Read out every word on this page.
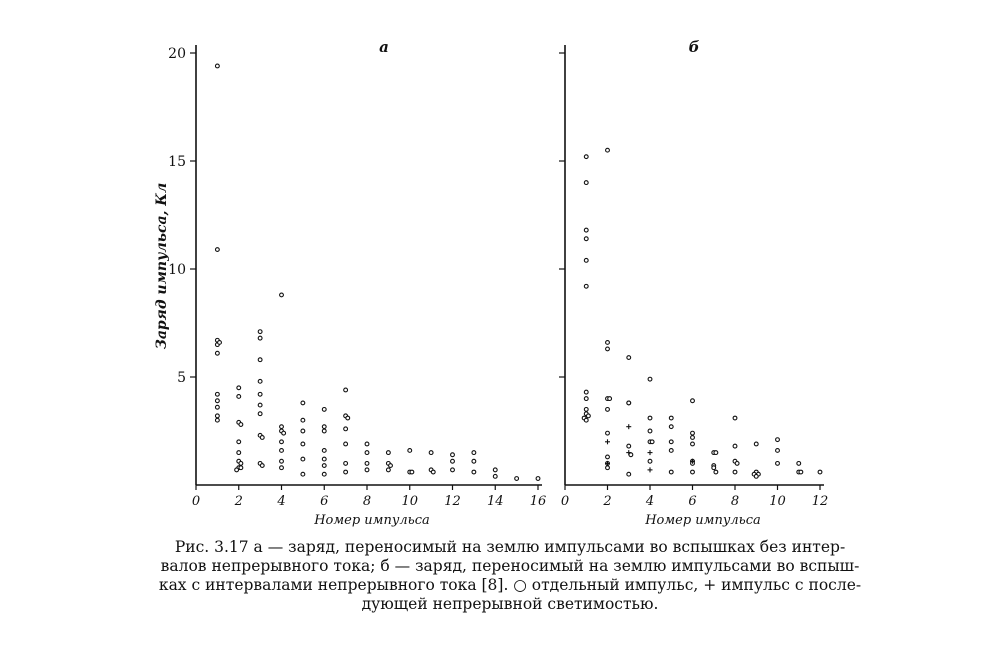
0	2	4	6	8 10 12 14 16
5
10
15
20
Заряд импульса, Кл
а
Номер импульса
0	2	4	6	8 10 12
б
Номер импульса
Рис. 3.17 а — заряд, переносимый на землю импульсами во вспышках без интер-
валов непрерывного тока; б — заряд, переносимый на землю импульсами во вспыш-
ках с интервалами непрерывного тока [8]. ○ отдельный импульс, + импульс с после-
дующей непрерывной светимостью.
